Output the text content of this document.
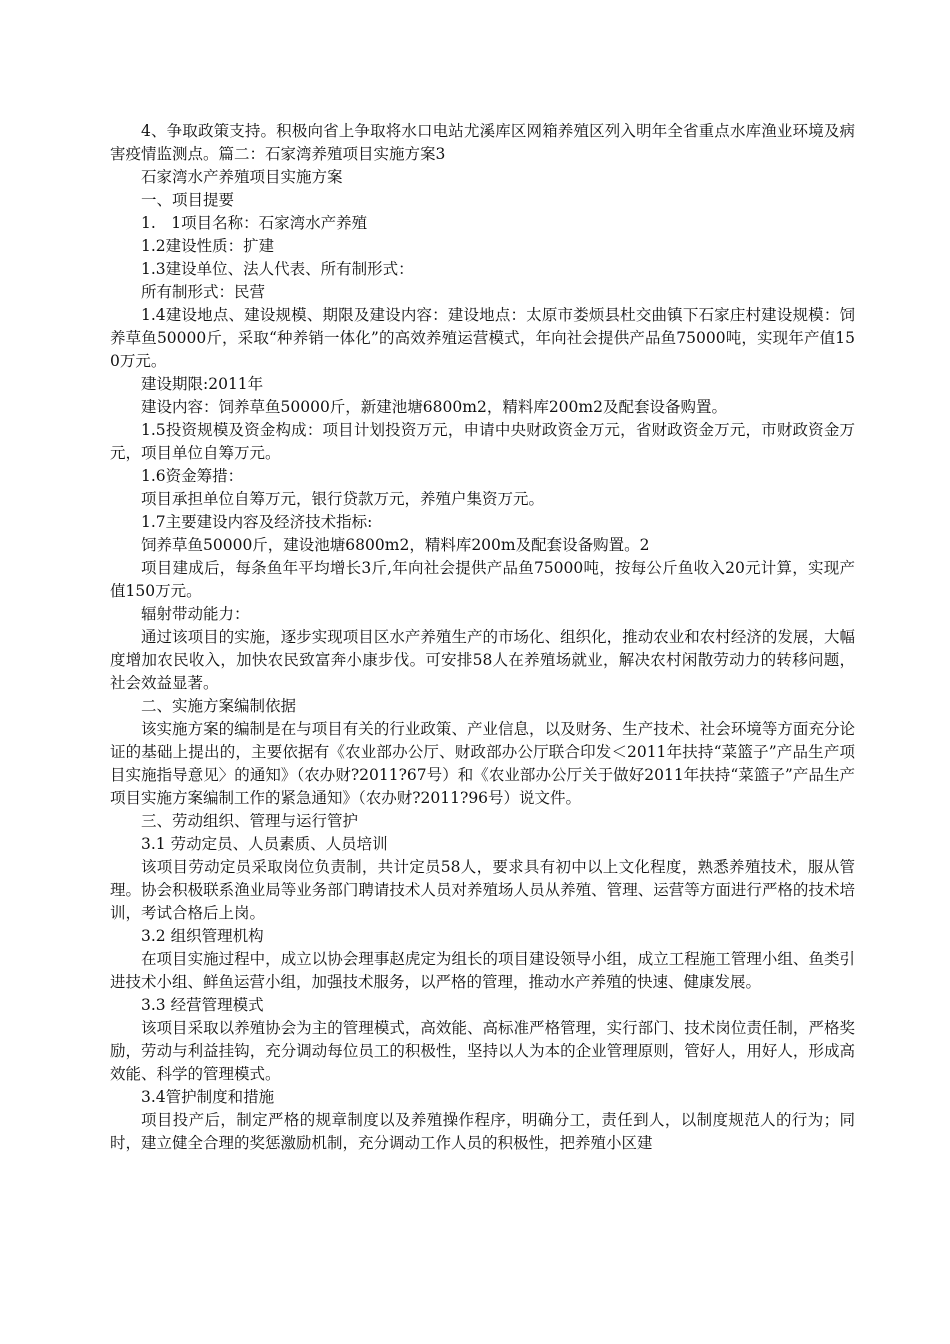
4、争取政策支持。积极向省上争取将水口电站尤溪库区网箱养殖区列入明年全省重点水库渔业环境及病害疫情监测点。篇二：石家湾养殖项目实施方案3

石家湾水产养殖项目实施方案

一、项目提要

1.　1项目名称：石家湾水产养殖

1.2建设性质：扩建

1.3建设单位、法人代表、所有制形式：

所有制形式：民营

1.4建设地点、建设规模、期限及建设内容：建设地点：太原市娄烦县杜交曲镇下石家庄村建设规模：饲养草鱼50000斤，采取“种养销一体化”的高效养殖运营模式，年向社会提供产品鱼75000吨，实现年产值150万元。

建设期限:2011年

建设内容：饲养草鱼50000斤，新建池塘6800m2，精料库200m2及配套设备购置。

1.5投资规模及资金构成：项目计划投资万元，申请中央财政资金万元，省财政资金万元，市财政资金万元，项目单位自筹万元。

1.6资金筹措：

项目承担单位自筹万元，银行贷款万元，养殖户集资万元。

1.7主要建设内容及经济技术指标:

饲养草鱼50000斤，建设池塘6800m2，精料库200m及配套设备购置。2

项目建成后，每条鱼年平均增长3斤,年向社会提供产品鱼75000吨，按每公斤鱼收入20元计算，实现产值150万元。

辐射带动能力：

通过该项目的实施，逐步实现项目区水产养殖生产的市场化、组织化，推动农业和农村经济的发展，大幅度增加农民收入，加快农民致富奔小康步伐。可安排58人在养殖场就业，解决农村闲散劳动力的转移问题，社会效益显著。

二、实施方案编制依据

该实施方案的编制是在与项目有关的行业政策、产业信息，以及财务、生产技术、社会环境等方面充分论证的基础上提出的，主要依据有《农业部办公厅、财政部办公厅联合印发＜2011年扶持“菜篮子”产品生产项目实施指导意见〉的通知》（农办财?2011?67号）和《农业部办公厅关于做好2011年扶持“菜篮子”产品生产项目实施方案编制工作的紧急通知》（农办财?2011?96号）说文件。

三、劳动组织、管理与运行管护

3.1 劳动定员、人员素质、人员培训

该项目劳动定员采取岗位负责制，共计定员58人，要求具有初中以上文化程度，熟悉养殖技术，服从管理。协会积极联系渔业局等业务部门聘请技术人员对养殖场人员从养殖、管理、运营等方面进行严格的技术培训，考试合格后上岗。

3.2 组织管理机构

在项目实施过程中，成立以协会理事赵虎定为组长的项目建设领导小组，成立工程施工管理小组、鱼类引进技术小组、鲜鱼运营小组，加强技术服务，以严格的管理，推动水产养殖的快速、健康发展。

3.3 经营管理模式

该项目采取以养殖协会为主的管理模式，高效能、高标准严格管理，实行部门、技术岗位责任制，严格奖励，劳动与利益挂钩，充分调动每位员工的积极性，坚持以人为本的企业管理原则，管好人，用好人，形成高效能、科学的管理模式。

3.4管护制度和措施

项目投产后，制定严格的规章制度以及养殖操作程序，明确分工，责任到人，以制度规范人的行为；同时，建立健全合理的奖惩激励机制，充分调动工作人员的积极性，把养殖小区建
